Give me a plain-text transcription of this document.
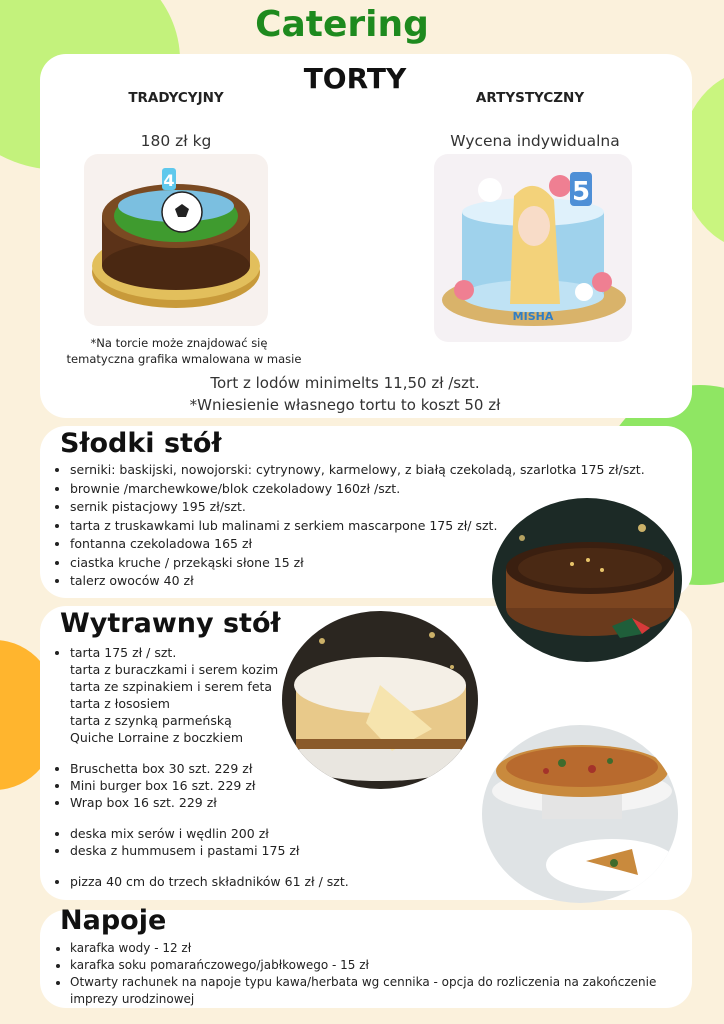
Catering
TORTY
TRADYCYJNY	ARTYSTYCZNY
180 zł kg	Wycena indywidualna
4	5
MISHA
*Na torcie może znajdować się
tematyczna grafika wmalowana w masie
Tort z lodów minimelts 11,50 zł /szt.
*Wniesienie własnego tortu to koszt 50 zł
Słodki stół
• serniki: baskijski, nowojorski: cytrynowy, karmelowy, z białą czekoladą, szarlotka 175 zł/szt.
• brownie /marchewkowe/blok czekoladowy 160zł /szt.
• sernik pistacjowy 195 zł/szt.
• tarta z truskawkami lub malinami z serkiem mascarpone 175 zł/ szt.
• fontanna czekoladowa 165 zł
• ciastka kruche / przekąski słone 15 zł
• talerz owoców 40 zł
Wytrawny stół
• tarta 175 zł / szt.
tarta z buraczkami i serem kozim
tarta ze szpinakiem i serem feta
tarta z łososiem
tarta z szynką parmeńską
Quiche Lorraine z boczkiem
• Bruschetta box 30 szt. 229 zł
• Mini burger box 16 szt. 229 zł
• Wrap box 16 szt. 229 zł
• deska mix serów i wędlin 200 zł
• deska z hummusem i pastami 175 zł
• pizza 40 cm do trzech składników 61 zł / szt.
Napoje
• karafka wody - 12 zł
• karafka soku pomarańczowego/jabłkowego - 15 zł
• Otwarty rachunek na napoje typu kawa/herbata wg cennika - opcja do rozliczenia na zakończenie imprezy urodzinowej
